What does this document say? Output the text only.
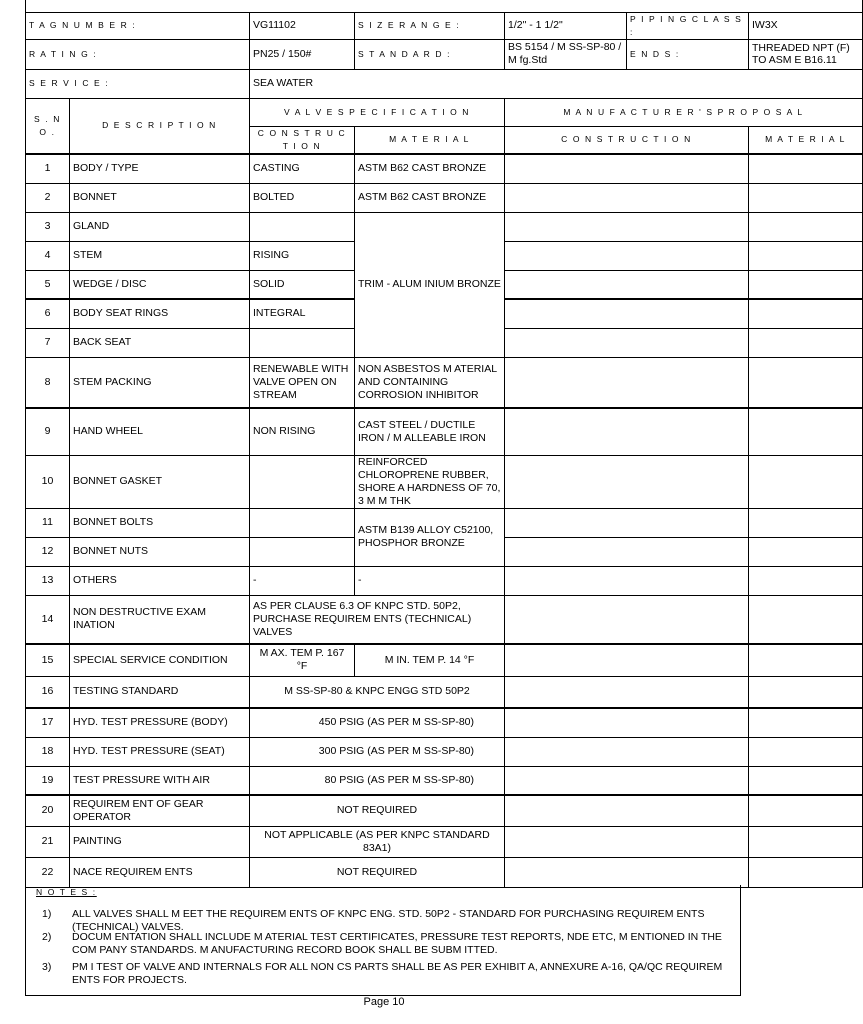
T A G N U M B E R :		VG11102	S I Z E R A N G E :	1/2" - 1 1/2"	P I P I N G C L A S S :	IW3X
R A T I N G :		PN25 / 150#	S T A N D A R D :	BS 5154 / M SS-SP-80 / M fg.Std	E N D S :	THREADED NPT (F) TO ASM E B16.11
S E R V I C E :		SEA WATER				
S . N O .	D E S C R I P T I O N	V A L V E S P E C I F I C A T I O N		M A N U F A C T U R E R ' S P R O P O S A L		
		C O N S T R U C T I O N	M A T E R I A L	C O N S T R U C T I O N		M A T E R I A L
1	BODY / TYPE	CASTING	ASTM B62 CAST BRONZE			
2	BONNET	BOLTED	ASTM B62 CAST BRONZE			
3	GLAND		TRIM - ALUM INIUM BRONZE			
4	STEM	RISING				
5	WEDGE / DISC	SOLID				
6	BODY SEAT RINGS	INTEGRAL				
7	BACK SEAT					
8	STEM PACKING	RENEWABLE WITH VALVE OPEN ON STREAM	NON ASBESTOS M ATERIAL AND CONTAINING CORROSION INHIBITOR			
9	HAND WHEEL	NON RISING	CAST STEEL / DUCTILE IRON / M ALLEABLE IRON			
10	BONNET GASKET		REINFORCED CHLOROPRENE RUBBER, SHORE A HARDNESS OF 70, 3 M M THK			
11	BONNET BOLTS		ASTM B139 ALLOY C52100, PHOSPHOR BRONZE			
12	BONNET NUTS					
13	OTHERS	-	-			
14	NON DESTRUCTIVE EXAM INATION	AS PER CLAUSE 6.3 OF KNPC STD. 50P2, PURCHASE REQUIREM ENTS (TECHNICAL) VALVES				
15	SPECIAL SERVICE CONDITION	M AX. TEM P. 167 °F	M IN. TEM P. 14 °F			
16	TESTING STANDARD	M SS-SP-80 & KNPC ENGG STD 50P2				
17	HYD. TEST PRESSURE (BODY)	450 PSIG (AS PER M SS-SP-80)				
18	HYD. TEST PRESSURE (SEAT)	300 PSIG (AS PER M SS-SP-80)				
19	TEST PRESSURE WITH AIR	80 PSIG (AS PER M SS-SP-80)				
20	REQUIREM ENT OF GEAR OPERATOR	NOT REQUIRED				
21	PAINTING	NOT APPLICABLE (AS PER KNPC STANDARD 83A1)				
22	NACE REQUIREM ENTS	NOT REQUIRED				
N O T E S :
1) ALL VALVES SHALL M EET THE REQUIREM ENTS OF KNPC ENG. STD. 50P2 - STANDARD FOR PURCHASING REQUIREM ENTS (TECHNICAL) VALVES.
2) DOCUM ENTATION SHALL INCLUDE M ATERIAL TEST CERTIFICATES, PRESSURE TEST REPORTS, NDE ETC, M ENTIONED IN THE COM PANY STANDARDS. M ANUFACTURING RECORD BOOK SHALL BE SUBM ITTED.
3) PM I TEST OF VALVE AND INTERNALS FOR ALL NON CS PARTS SHALL BE AS PER EXHIBIT A, ANNEXURE A-16, QA/QC REQUIREM ENTS FOR PROJECTS.
Page 10
